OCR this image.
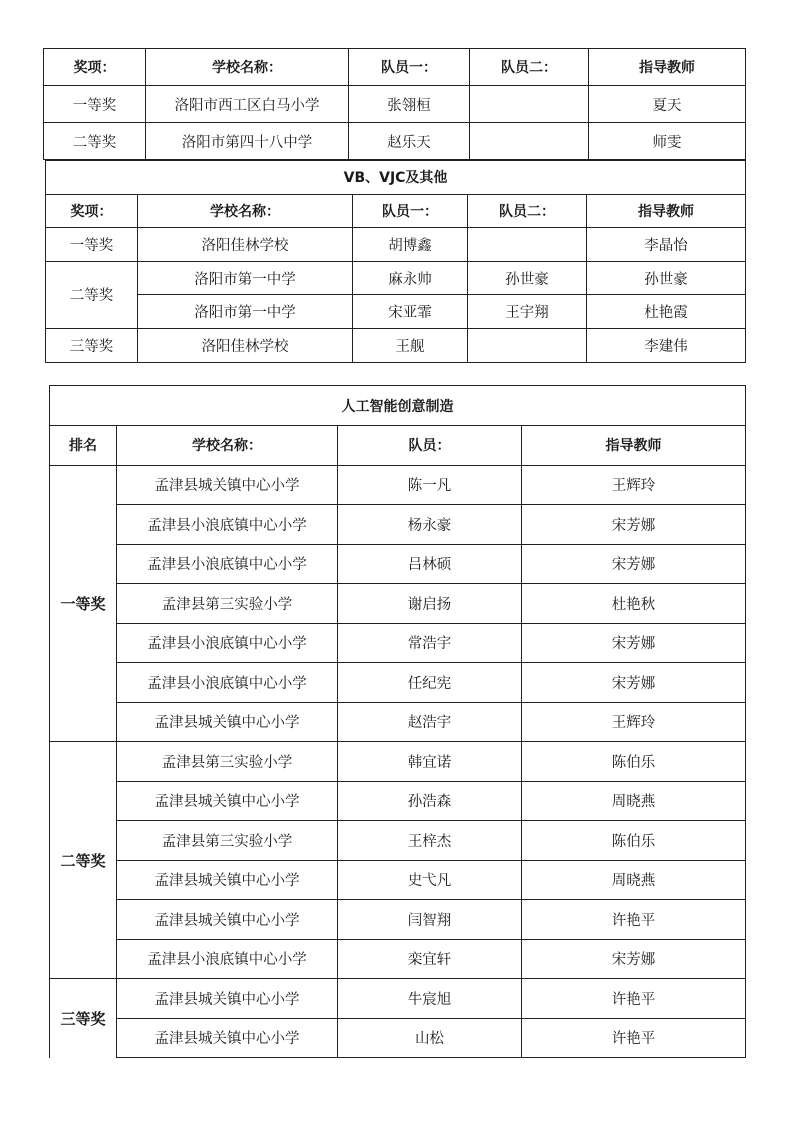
奖项：	学校名称：	队员一：	队员二：	指导教师
一等奖	洛阳市西工区白马小学	张翎桓		夏天
二等奖	洛阳市第四十八中学	赵乐天		师雯
VB、VJC及其他				
奖项：	学校名称：	队员一：	队员二：	指导教师
一等奖	洛阳佳林学校	胡博鑫		李晶怡
二等奖	洛阳市第一中学	麻永帅	孙世豪	孙世豪
	洛阳市第一中学	宋亚霏	王宇翔	杜艳霞
三等奖	洛阳佳林学校	王舰		李建伟
人工智能创意制造			
排名	学校名称：	队员：	指导教师
一等奖	孟津县城关镇中心小学	陈一凡	王辉玲
	孟津县小浪底镇中心小学	杨永豪	宋芳娜
	孟津县小浪底镇中心小学	吕林硕	宋芳娜
	孟津县第三实验小学	谢启扬	杜艳秋
	孟津县小浪底镇中心小学	常浩宇	宋芳娜
	孟津县小浪底镇中心小学	任纪宪	宋芳娜
	孟津县城关镇中心小学	赵浩宇	王辉玲
二等奖	孟津县第三实验小学	韩宜诺	陈伯乐
	孟津县城关镇中心小学	孙浩森	周晓燕
	孟津县第三实验小学	王梓杰	陈伯乐
	孟津县城关镇中心小学	史弋凡	周晓燕
	孟津县城关镇中心小学	闫智翔	许艳平
	孟津县小浪底镇中心小学	栾宜轩	宋芳娜
三等奖	孟津县城关镇中心小学	牛宸旭	许艳平
	孟津县城关镇中心小学	山松	许艳平
